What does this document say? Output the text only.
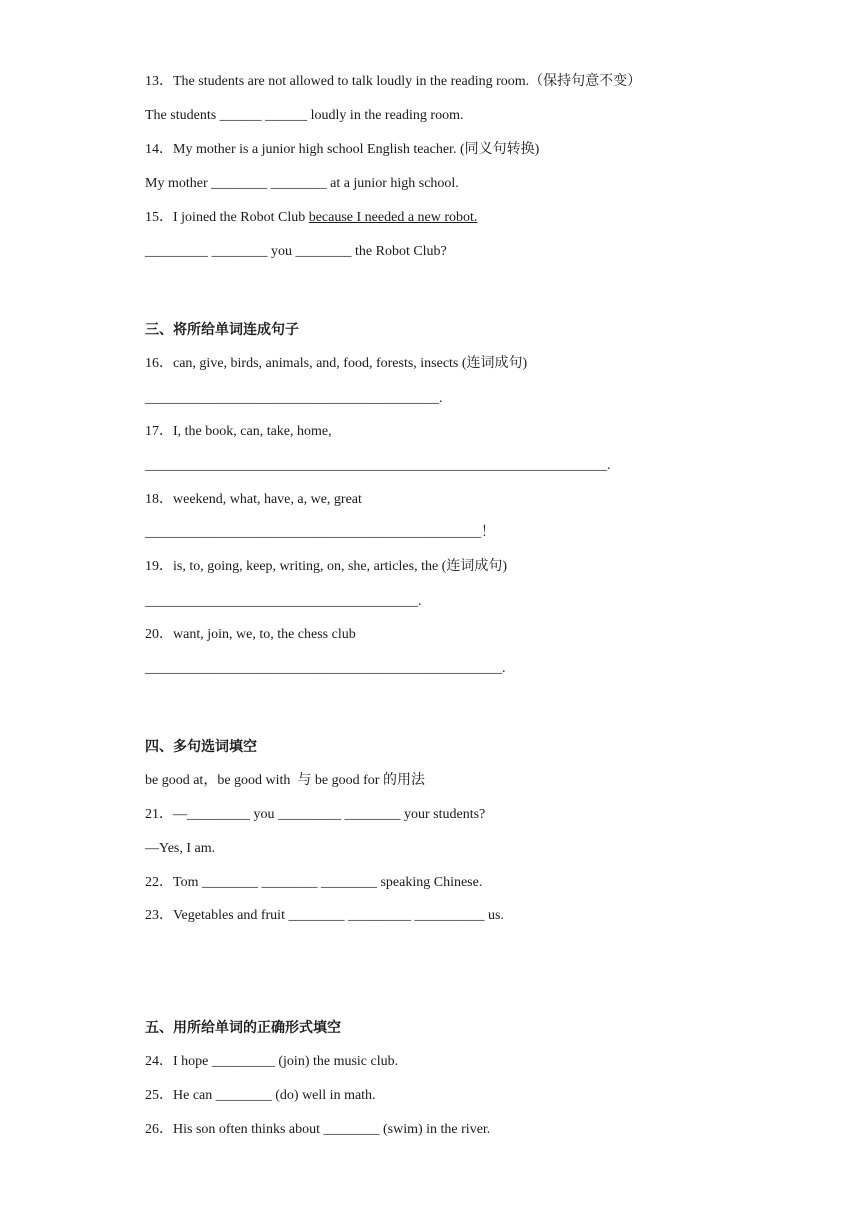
13．The students are not allowed to talk loudly in the reading room.（保持句意不变）
The students ______ ______ loudly in the reading room.
14．My mother is a junior high school English teacher. (同义句转换)
My mother ________ ________ at a junior high school.
15．I joined the Robot Club because I needed a new robot.
_________ ________ you ________ the Robot Club?
三、将所给单词连成句子
16．can, give, birds, animals, and, food, forests, insects (连词成句)
__________________________________________.
17．I, the book, can, take, home,
__________________________________________________________________.
18．weekend, what, have, a, we, great
________________________________________________！
19．is, to, going, keep, writing, on, she, articles, the (连词成句)
_______________________________________.
20．want, join, we, to, the chess club
___________________________________________________.
四、多句选词填空
be good at，be good with  与 be good for 的用法
21．—_________ you _________ ________ your students?
—Yes, I am.
22．Tom ________ ________ ________ speaking Chinese.
23．Vegetables and fruit ________ _________ __________ us.
五、用所给单词的正确形式填空
24．I hope _________ (join) the music club.
25．He can ________ (do) well in math.
26．His son often thinks about ________ (swim) in the river.
